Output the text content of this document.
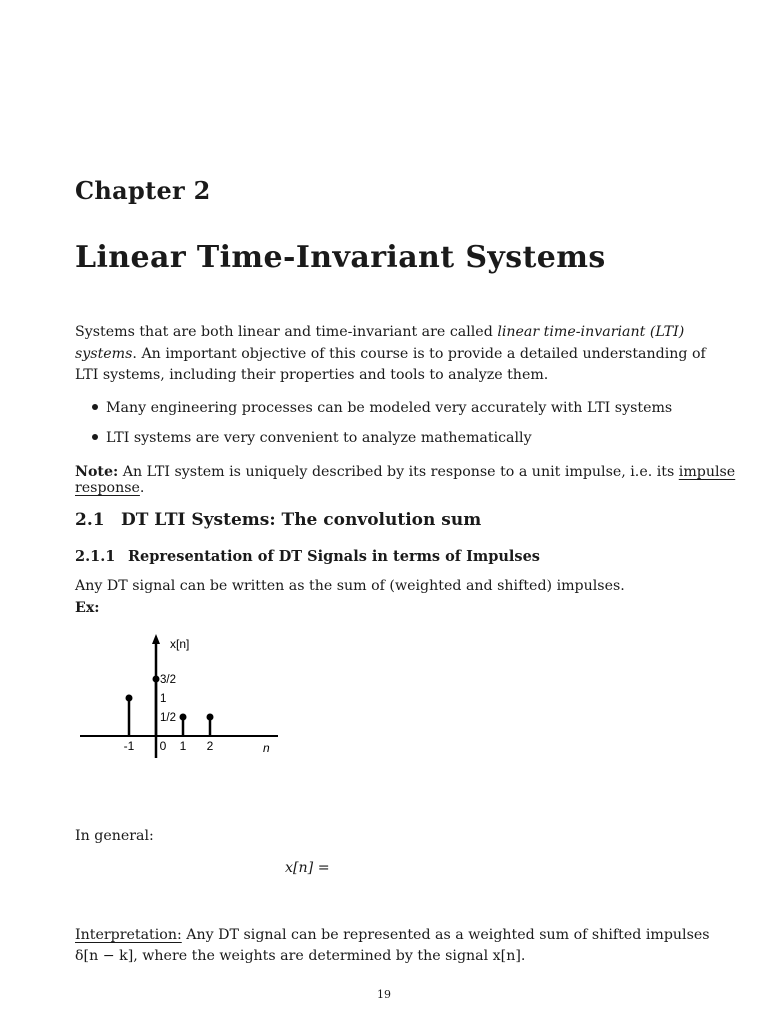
Chapter 2
Linear Time-Invariant Systems
Systems that are both linear and time-invariant are called linear time-invariant (LTI) systems. An important objective of this course is to provide a detailed understanding of LTI systems, including their properties and tools to analyze them.
Many engineering processes can be modeled very accurately with LTI systems
LTI systems are very convenient to analyze mathematically
Note: An LTI system is uniquely described by its response to a unit impulse, i.e. its impulse response.
2.1 DT LTI Systems: The convolution sum
2.1.1 Representation of DT Signals in terms of Impulses
Any DT signal can be written as the sum of (weighted and shifted) impulses.
Ex:
x[n]
n
-1 0 1 2
3/2
1
1/2
In general:
x[n] =
Interpretation: Any DT signal can be represented as a weighted sum of shifted impulses δ[n − k], where the weights are determined by the signal x[n].
19
